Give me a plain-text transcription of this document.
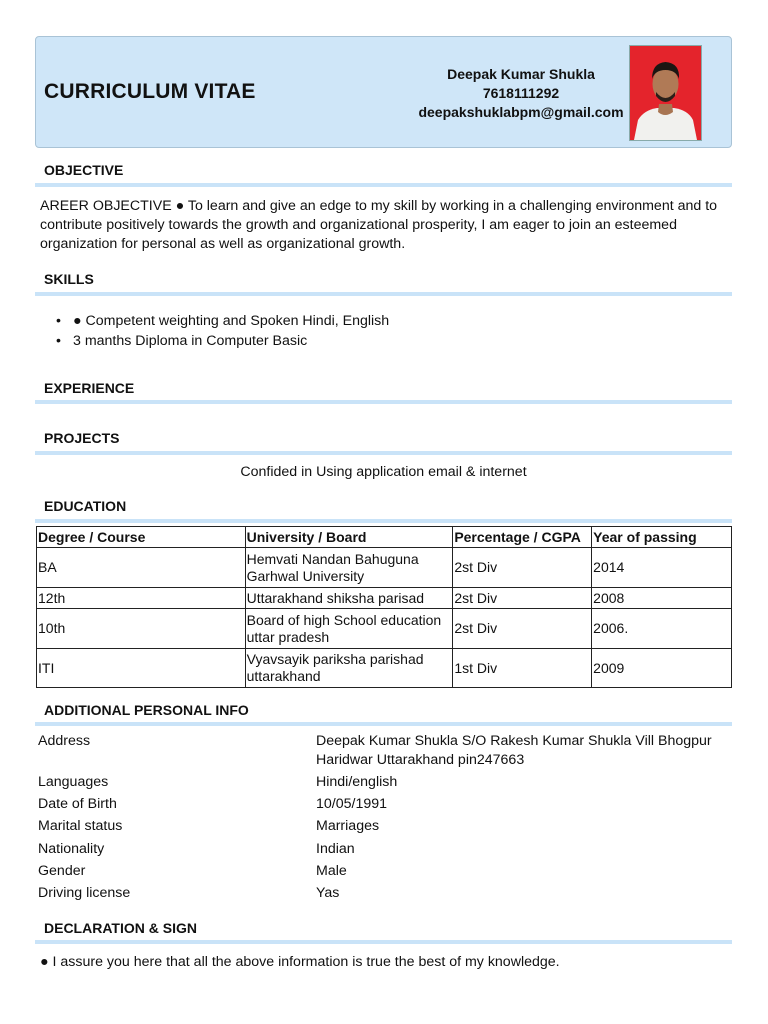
CURRICULUM VITAE
Deepak Kumar Shukla
7618111292
deepakshuklabpm@gmail.com
OBJECTIVE
AREER OBJECTIVE ● To learn and give an edge to my skill by working in a challenging environment and to contribute positively towards the growth and organizational prosperity, I am eager to join an esteemed organization for personal as well as organizational growth.
SKILLS
• ● Competent weighting and Spoken Hindi, English
• 3 manths Diploma in Computer Basic
EXPERIENCE
PROJECTS
Confided in Using application email & internet
EDUCATION
Degree / Course	University / Board	Percentage / CGPA	Year of passing
BA	Hemvati Nandan Bahuguna Garhwal University	2st Div	2014
12th	Uttarakhand shiksha parisad	2st Div	2008
10th	Board of high School education uttar pradesh	2st Div	2006.
ITI	Vyavsayik pariksha parishad uttarakhand	1st Div	2009
ADDITIONAL PERSONAL INFO
Address	Deepak Kumar Shukla S/O Rakesh Kumar Shukla Vill Bhogpur Haridwar Uttarakhand pin247663
Languages	Hindi/english
Date of Birth	10/05/1991
Marital status	Marriages
Nationality	Indian
Gender	Male
Driving license	Yas
DECLARATION & SIGN
● I assure you here that all the above information is true the best of my knowledge.
